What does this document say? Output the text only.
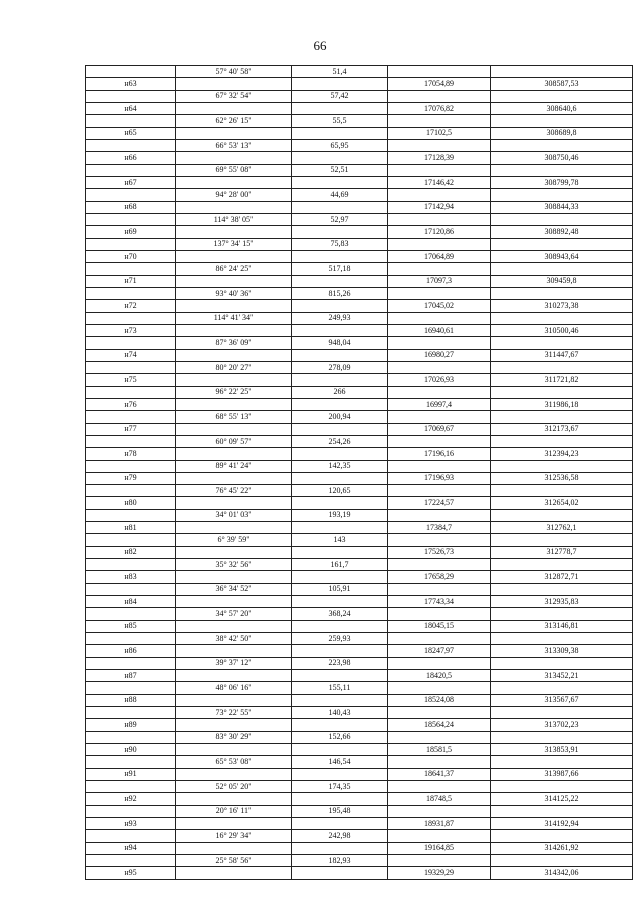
66
	57° 40' 58"	51,4		
н63			17054,89	308587,53
	67° 32' 54"	57,42		
н64			17076,82	308640,6
	62° 26' 15"	55,5		
н65			17102,5	308689,8
	66° 53' 13"	65,95		
н66			17128,39	308750,46
	69° 55' 08"	52,51		
н67			17146,42	308799,78
	94° 28' 00"	44,69		
н68			17142,94	308844,33
	114° 38' 05"	52,97		
н69			17120,86	308892,48
	137° 34' 15"	75,83		
н70			17064,89	308943,64
	86° 24' 25"	517,18		
н71			17097,3	309459,8
	93° 40' 36"	815,26		
н72			17045,02	310273,38
	114° 41' 34"	249,93		
н73			16940,61	310500,46
	87° 36' 09"	948,04		
н74			16980,27	311447,67
	80° 20' 27"	278,09		
н75			17026,93	311721,82
	96° 22' 25"	266		
н76			16997,4	311986,18
	68° 55' 13"	200,94		
н77			17069,67	312173,67
	60° 09' 57"	254,26		
н78			17196,16	312394,23
	89° 41' 24"	142,35		
н79			17196,93	312536,58
	76° 45' 22"	120,65		
н80			17224,57	312654,02
	34° 01' 03"	193,19		
н81			17384,7	312762,1
	6° 39' 59"	143		
н82			17526,73	312778,7
	35° 32' 56"	161,7		
н83			17658,29	312872,71
	36° 34' 52"	105,91		
н84			17743,34	312935,83
	34° 57' 20"	368,24		
н85			18045,15	313146,81
	38° 42' 50"	259,93		
н86			18247,97	313309,38
	39° 37' 12"	223,98		
н87			18420,5	313452,21
	48° 06' 16"	155,11		
н88			18524,08	313567,67
	73° 22' 55"	140,43		
н89			18564,24	313702,23
	83° 30' 29"	152,66		
н90			18581,5	313853,91
	65° 53' 08"	146,54		
н91			18641,37	313987,66
	52° 05' 20"	174,35		
н92			18748,5	314125,22
	20° 16' 11"	195,48		
н93			18931,87	314192,94
	16° 29' 34"	242,98		
н94			19164,85	314261,92
	25° 58' 56"	182,93		
н95			19329,29	314342,06
